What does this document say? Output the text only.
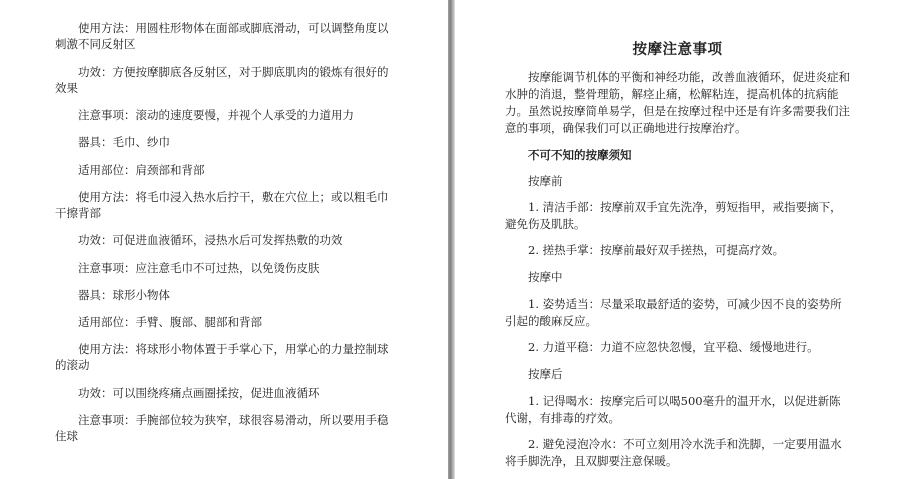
使用方法：用圆柱形物体在面部或脚底滑动，可以调整角度以刺激不同反射区

功效：方便按摩脚底各反射区，对于脚底肌肉的锻炼有很好的效果

注意事项：滚动的速度要慢，并视个人承受的力道用力

器具：毛巾、纱巾

适用部位：肩颈部和背部

使用方法：将毛巾浸入热水后拧干，敷在穴位上；或以粗毛巾干擦背部

功效：可促进血液循环，浸热水后可发挥热敷的功效

注意事项：应注意毛巾不可过热，以免烫伤皮肤

器具：球形小物体

适用部位：手臂、腹部、腿部和背部

使用方法：将球形小物体置于手掌心下，用掌心的力量控制球的滚动

功效：可以围绕疼痛点画圈揉按，促进血液循环

注意事项：手腕部位较为狭窄，球很容易滑动，所以要用手稳住球

按摩注意事项

按摩能调节机体的平衡和神经功能，改善血液循环，促进炎症和水肿的消退，整骨理筋，解痉止痛，松解粘连，提高机体的抗病能力。虽然说按摩简单易学，但是在按摩过程中还是有许多需要我们注意的事项，确保我们可以正确地进行按摩治疗。

不可不知的按摩须知

按摩前

1. 清洁手部：按摩前双手宜先洗净，剪短指甲，戒指要摘下，避免伤及肌肤。

2. 搓热手掌：按摩前最好双手搓热，可提高疗效。

按摩中

1. 姿势适当：尽量采取最舒适的姿势，可减少因不良的姿势所引起的酸麻反应。

2. 力道平稳：力道不应忽快忽慢，宜平稳、缓慢地进行。

按摩后

1. 记得喝水：按摩完后可以喝500毫升的温开水，以促进新陈代谢，有排毒的疗效。

2. 避免浸泡冷水：不可立刻用冷水洗手和洗脚，一定要用温水将手脚洗净，且双脚要注意保暖。
